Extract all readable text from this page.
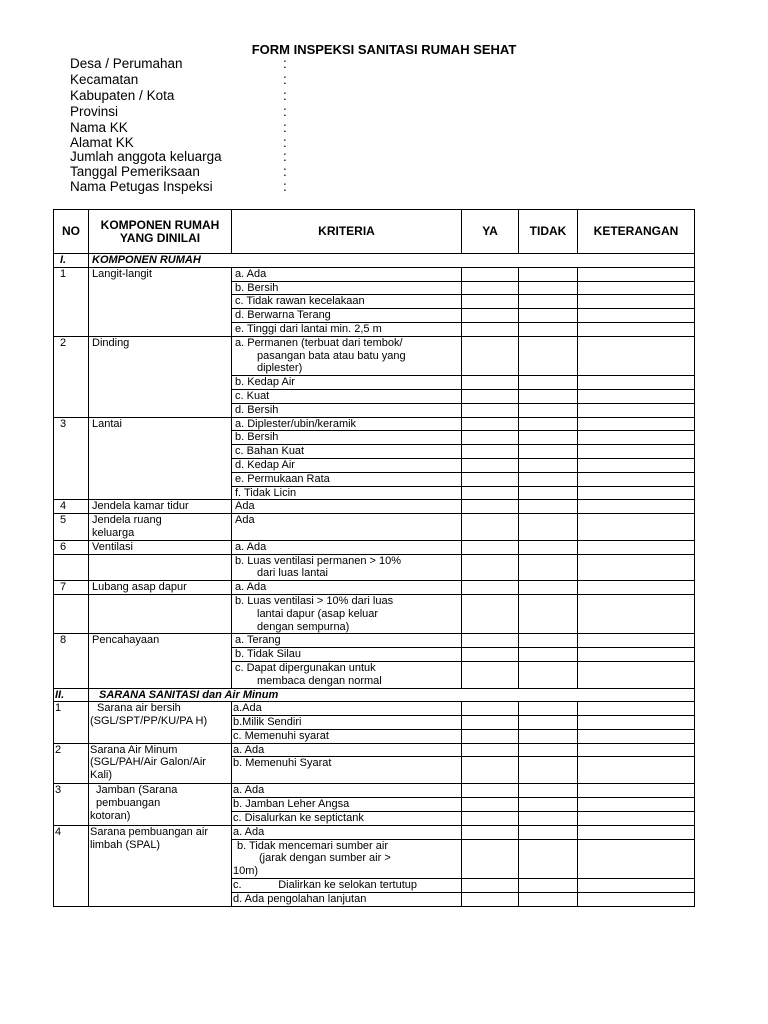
FORM INSPEKSI SANITASI RUMAH SEHAT
Desa / Perumahan	:
Kecamatan	:
Kabupaten / Kota	:
Provinsi	:
Nama KK	:
Alamat KK	:
Jumlah anggota keluarga	:
Tanggal Pemeriksaan	:
Nama Petugas Inspeksi	:
NO	KOMPONEN RUMAH YANG DINILAI	KRITERIA	YA	TIDAK	KETERANGAN
I.	KOMPONEN RUMAH				
1	Langit-langit	a. Ada			
		b. Bersih			
		c. Tidak rawan kecelakaan			
		d. Berwarna Terang			
		e. Tinggi dari lantai min. 2,5 m			
2	Dinding	a. Permanen (terbuat dari tembok/
pasangan bata atau batu yang
diplester)			

		b. Kedap Air			
		c. Kuat			
		d. Bersih			
3	Lantai	a. Diplester/ubin/keramik			
		b. Bersih			
		c. Bahan Kuat			
		d. Kedap Air			
		e. Permukaan Rata			
		f. Tidak Licin			
4	Jendela kamar tidur	Ada			
5	Jendela ruang
keluarga	Ada			
6	Ventilasi	a. Ada			
		b. Luas ventilasi permanen > 10%
dari luas lantai			

7	Lubang asap dapur	a. Ada			
		b. Luas ventilasi > 10% dari luas
lantai dapur (asap keluar
dengan sempurna)			

8	Pencahayaan	a. Terang			
		b. Tidak Silau			
		c. Dapat dipergunakan untuk
membaca dengan normal			

II.	SARANA SANITASI dan Air Minum				
1	Sarana air bersih
(SGL/SPT/PP/KU/PA H)	a.Ada			
		b.Milik Sendiri			
		c. Memenuhi syarat			
2	Sarana Air Minum
(SGL/PAH/Air Galon/Air
Kali)	a. Ada			
		b. Memenuhi Syarat			
3	Jamban (Sarana
pembuangan
kotoran)	a. Ada			
		b. Jamban Leher Angsa			
		c. Disalurkan ke septictank			
4	Sarana pembuangan air
limbah (SPAL)	a. Ada			
		b. Tidak mencemari sumber air
(jarak dengan sumber air >
10m)			

		c.            Dialirkan ke selokan tertutup			
		d. Ada pengolahan lanjutan			
